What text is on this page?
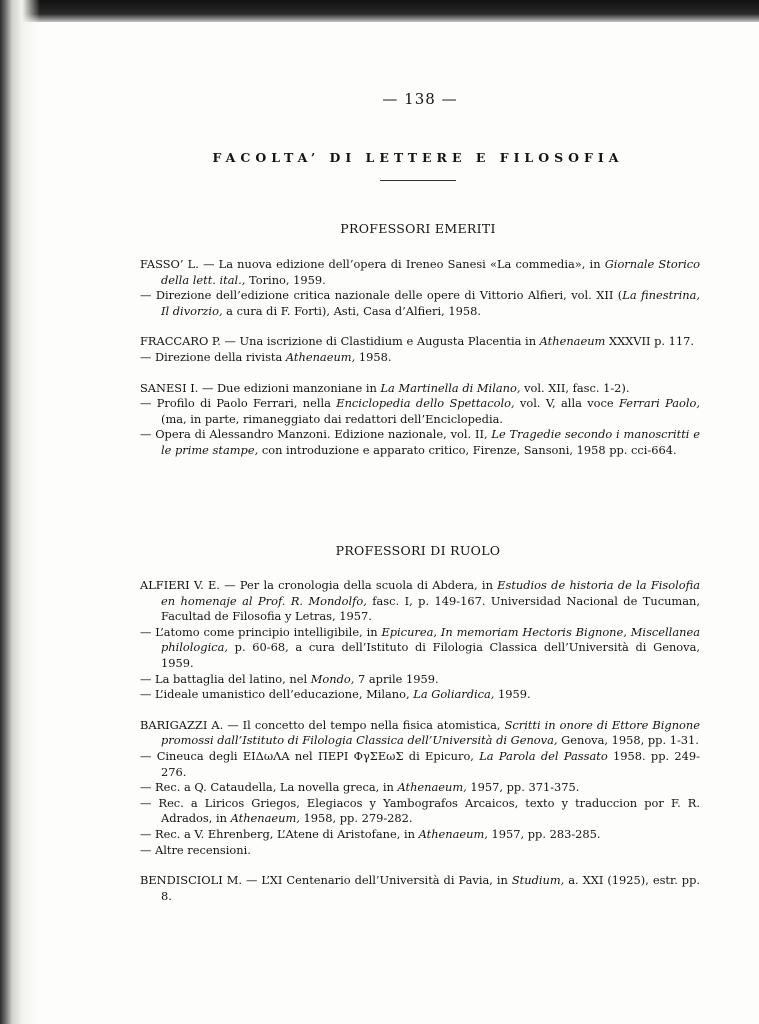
— 138 —
FACOLTA’ DI LETTERE E FILOSOFIA
PROFESSORI EMERITI

FASSO’ L. — La nuova edizione dell’opera di Ireneo Sanesi «La commedia», in Giornale Storico della lett. ital., Torino, 1959.

— Direzione dell’edizione critica nazionale delle opere di Vittorio Alfieri, vol. XII (La finestrina, Il divorzio, a cura di F. Forti), Asti, Casa d’Alfieri, 1958.

FRACCARO P. — Una iscrizione di Clastidium e Augusta Placentia in Athenaeum XXXVII p. 117.

— Direzione della rivista Athenaeum, 1958.

SANESI I. — Due edizioni manzoniane in La Martinella di Milano, vol. XII, fasc. 1-2).

— Profilo di Paolo Ferrari, nella Enciclopedia dello Spettacolo, vol. V, alla voce Ferrari Paolo, (ma, in parte, rimaneggiato dai redattori dell’Enciclopedia.

— Opera di Alessandro Manzoni. Edizione nazionale, vol. II, Le Tragedie secondo i manoscritti e le prime stampe, con introduzione e apparato critico, Firenze, Sansoni, 1958 pp. cci-664.

PROFESSORI DI RUOLO

ALFIERI V. E. — Per la cronologia della scuola di Abdera, in Estudios de historia de la Fisolofia en homenaje al Prof. R. Mondolfo, fasc. I, p. 149-167. Universidad Nacional de Tucuman, Facultad de Filosofia y Letras, 1957.

— L’atomo come principio intelligibile, in Epicurea, In memoriam Hectoris Bignone, Miscellanea philologica, p. 60-68, a cura dell’Istituto di Filologia Classica dell’Università di Genova, 1959.

— La battaglia del latino, nel Mondo, 7 aprile 1959.

— L’ideale umanistico dell’educazione, Milano, La Goliardica, 1959.

BARIGAZZI A. — Il concetto del tempo nella fisica atomistica, Scritti in onore di Ettore Bignone promossi dall’Istituto di Filologia Classica dell’Università di Genova, Genova, 1958, pp. 1-31.

— Cineuca degli ΕΙΔωΛΑ nel ΠΕΡΙ ΦγΣΕωΣ di Epicuro, La Parola del Passato 1958. pp. 249-276.

— Rec. a Q. Cataudella, La novella greca, in Athenaeum, 1957, pp. 371-375.

— Rec. a Liricos Griegos, Elegiacos y Yambografos Arcaicos, texto y traduccion por F. R. Adrados, in Athenaeum, 1958, pp. 279-282.

— Rec. a V. Ehrenberg, L’Atene di Aristofane, in Athenaeum, 1957, pp. 283-285.

— Altre recensioni.

BENDISCIOLI M. — L’XI Centenario dell’Università di Pavia, in Studium, a. XXI (1925), estr. pp. 8.
